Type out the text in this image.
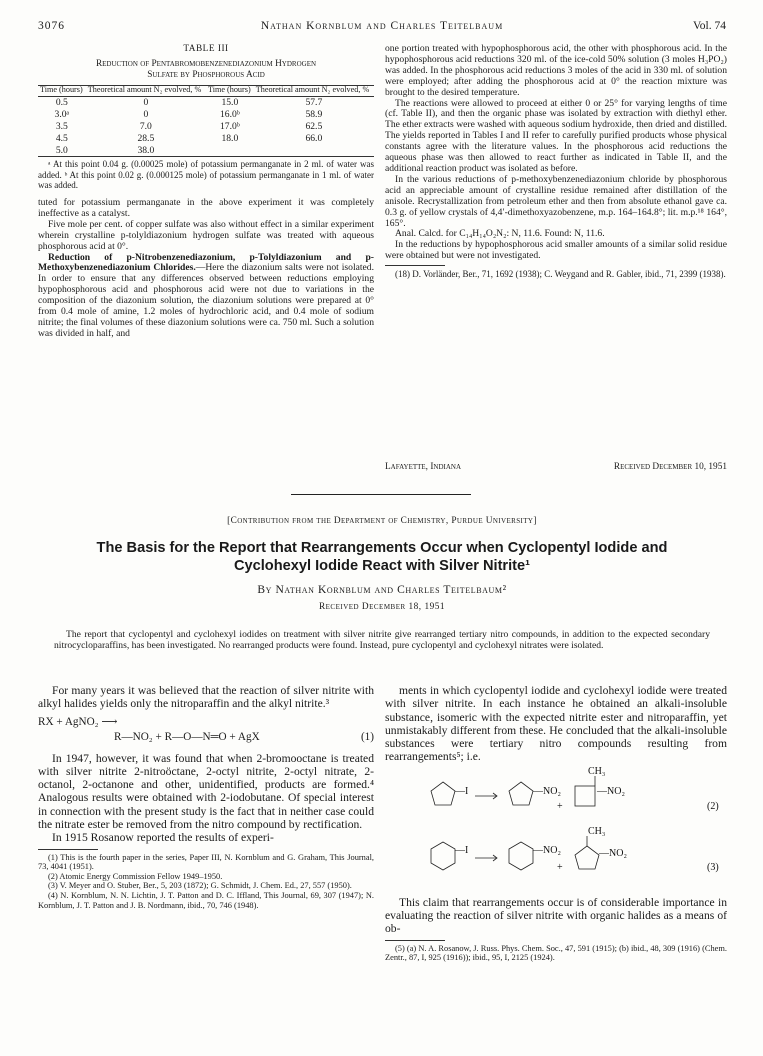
3076	Nathan Kornblum and Charles Teitelbaum	Vol. 74
TABLE III
Reduction of Pentabromobenzenediazonium Hydrogen
Sulfate by Phosphorous Acid
Time (hours)	Theoretical amount N₂ evolved, %	Time (hours)	Theoretical amount N₂ evolved, %
0.5	0	15.0	57.7
3.0ᵃ	0	16.0ᵇ	58.9
3.5	7.0	17.0ᵇ	62.5
4.5	28.5	18.0	66.0
5.0	38.0		

ᵃ At this point 0.04 g. (0.00025 mole) of potassium permanganate in 2 ml. of water was added. ᵇ At this point 0.02 g. (0.000125 mole) of potassium permanganate in 1 ml. of water was added.

tuted for potassium permanganate in the above experiment it was completely ineffective as a catalyst.

Five mole per cent. of copper sulfate was also without effect in a similar experiment wherein crystalline p-tolyldiazonium hydrogen sulfate was treated with aqueous phosphorous acid at 0°.

Reduction of p-Nitrobenzenediazonium, p-Tolyldiazonium and p-Methoxybenzenediazonium Chlorides.—Here the diazonium salts were not isolated. In order to ensure that any differences observed between reductions employing hypophosphorous acid and phosphorous acid were not due to variations in the composition of the diazonium solution, the diazonium solutions were prepared at 0° from 0.4 mole of amine, 1.2 moles of hydrochloric acid, and 0.4 mole of sodium nitrite; the final volumes of these diazonium solutions were ca. 750 ml. Such a solution was divided in half, and

one portion treated with hypophosphorous acid, the other with phosphorous acid. In the hypophosphorous acid reductions 320 ml. of the ice-cold 50% solution (3 moles H₃PO₂) was added. In the phosphorous acid reductions 3 moles of the acid in 330 ml. of solution were employed; after adding the phosphorous acid at 0° the reaction mixture was brought to the desired temperature.

The reactions were allowed to proceed at either 0 or 25° for varying lengths of time (cf. Table II), and then the organic phase was isolated by extraction with diethyl ether. The ether extracts were washed with aqueous sodium hydroxide, then dried and distilled. The yields reported in Tables I and II refer to carefully purified products whose physical constants agree with the literature values. In the phosphorous acid reductions the aqueous phase was then allowed to react further as indicated in Table II, and the additional reaction product was isolated as before.

In the various reductions of p-methoxybenzenediazonium chloride by phosphorous acid an appreciable amount of crystalline residue remained after distillation of the anisole. Recrystallization from petroleum ether and then from absolute ethanol gave ca. 0.3 g. of yellow crystals of 4,4′-dimethoxyazobenzene, m.p. 164–164.8°; lit. m.p.¹⁸ 164°, 165°.

Anal. Calcd. for C₁₄H₁₄O₂N₂: N, 11.6. Found: N, 11.6.

In the reductions by hypophosphorous acid smaller amounts of a similar solid residue were obtained but were not investigated.

(18) D. Vorländer, Ber., 71, 1692 (1938); C. Weygand and R. Gabler, ibid., 71, 2399 (1938).

Lafayette, Indiana	Received December 10, 1951
[Contribution from the Department of Chemistry, Purdue University]
The Basis for the Report that Rearrangements Occur when Cyclopentyl Iodide and
Cyclohexyl Iodide React with Silver Nitrite¹
By Nathan Kornblum and Charles Teitelbaum²
Received December 18, 1951
The report that cyclopentyl and cyclohexyl iodides on treatment with silver nitrite give rearranged tertiary nitro compounds, in addition to the expected secondary nitrocycloparaffins, has been investigated. No rearranged products were found. Instead, pure cyclopentyl and cyclohexyl nitrates were isolated.

For many years it was believed that the reaction of silver nitrite with alkyl halides yields only the nitroparaffin and the alkyl nitrite.³

RX + AgNO₂ ⟶
R—NO₂ + R—O—N═O + AgX	(1)

In 1947, however, it was found that when 2-bromooctane is treated with silver nitrite 2-nitroöctane, 2-octyl nitrite, 2-octyl nitrate, 2-octanol, 2-octanone and other, unidentified, products are formed.⁴ Analogous results were obtained with 2-iodobutane. Of special interest in connection with the present study is the fact that in neither case could the nitrate ester be removed from the nitro compound by rectification.

In 1915 Rosanow reported the results of experi-

(1) This is the fourth paper in the series, Paper III, N. Kornblum and G. Graham, This Journal, 73, 4041 (1951).

(2) Atomic Energy Commission Fellow 1949–1950.

(3) V. Meyer and O. Stuber, Ber., 5, 203 (1872); G. Schmidt, J. Chem. Ed., 27, 557 (1950).

(4) N. Kornblum, N. N. Lichtin, J. T. Patton and D. C. Iffland, This Journal, 69, 307 (1947); N. Kornblum, J. T. Patton and J. B. Nordmann, ibid., 70, 746 (1948).

ments in which cyclopentyl iodide and cyclohexyl iodide were treated with silver nitrite. In each instance he obtained an alkali-insoluble substance, isomeric with the expected nitrite ester and nitroparaffin, yet unmistakably different from these. He concluded that the alkali-insoluble substances were tertiary nitro compounds resulting from rearrangements⁵; i.e.

—I	—NO₂
+
CH₃
—NO₂
(2)
—I	—NO₂
+
CH₃
—NO₂
(3)

This claim that rearrangements occur is of considerable importance in evaluating the reaction of silver nitrite with organic halides as a means of ob-

(5) (a) N. A. Rosanow, J. Russ. Phys. Chem. Soc., 47, 591 (1915); (b) ibid., 48, 309 (1916) (Chem. Zentr., 87, I, 925 (1916)); ibid., 95, I, 2125 (1924).
